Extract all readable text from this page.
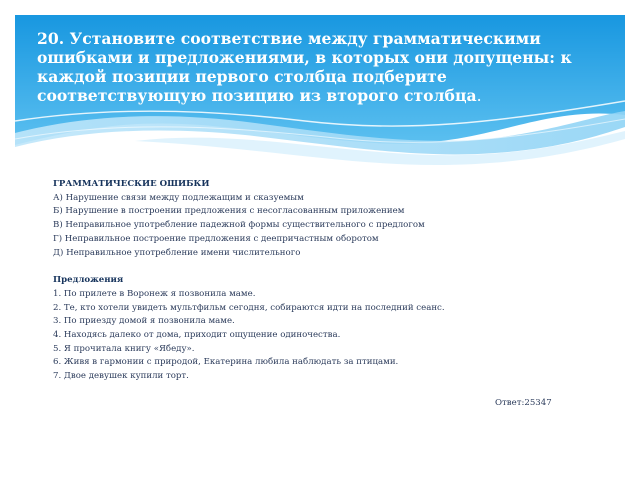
20. Установите соответствие между грамматическими ошибками и предложениями, в которых они допущены: к каждой позиции первого столбца подберите соответствующую позицию из второго столбца.

ГРАММАТИЧЕСКИЕ ОШИБКИ
А) Нарушение связи между подлежащим и сказуемым
Б) Нарушение в построении предложения с несогласованным приложением
В) Неправильное употребление падежной формы существительного с предлогом
Г) Неправильное построение предложения с деепричастным оборотом
Д) Неправильное употребление имени числительного
Предложения
1. По прилете в Воронеж я позвонила маме.
2. Те, кто хотели увидеть мультфильм сегодня, собираются идти на последний сеанс.
3. По приезду домой я позвонила маме.
4. Находясь далеко от дома, приходит ощущение одиночества.
5. Я прочитала книгу «Ябеду».
6. Живя в гармонии с природой, Екатерина любила наблюдать за птицами.
7. Двое девушек купили торт.
Ответ:25347
